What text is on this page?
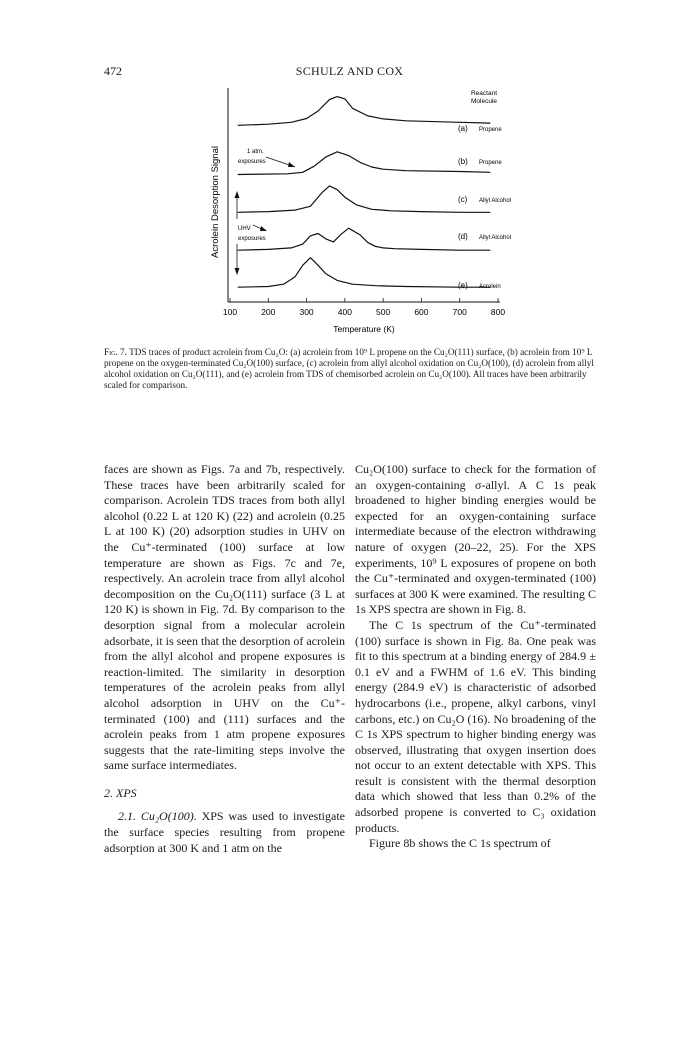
472	SCHULZ AND COX
Acrolein Desorption Signal
Reactant
Molecule
(a) Propene
(b) Propene
(c) Allyl Alcohol
(d) Allyl Alcohol
(e) Acrolein
1 atm.
exposures
UHV
exposures
100	200	300	400	500	600	700	800
Temperature (K)
Fig. 7. TDS traces of product acrolein from Cu₂O: (a) acrolein from 10⁹ L propene on the Cu₂O(111) surface, (b) acrolein from 10⁹ L propene on the oxygen-terminated Cu₂O(100) surface, (c) acrolein from allyl alcohol oxidation on Cu₂O(100), (d) acrolein from allyl alcohol oxidation on Cu₂O(111), and (e) acrolein from TDS of chemisorbed acrolein on Cu₂O(100). All traces have been arbitrarily scaled for comparison.

faces are shown as Figs. 7a and 7b, respectively. These traces have been arbitrarily scaled for comparison. Acrolein TDS traces from both allyl alcohol (0.22 L at 120 K) (22) and acrolein (0.25 L at 100 K) (20) adsorption studies in UHV on the Cu⁺-terminated (100) surface at low temperature are shown as Figs. 7c and 7e, respectively. An acrolein trace from allyl alcohol decomposition on the Cu₂O(111) surface (3 L at 120 K) is shown in Fig. 7d. By comparison to the desorption signal from a molecular acrolein adsorbate, it is seen that the desorption of acrolein from the allyl alcohol and propene exposures is reaction-limited. The similarity in desorption temperatures of the acrolein peaks from allyl alcohol adsorption in UHV on the Cu⁺-terminated (100) and (111) surfaces and the acrolein peaks from 1 atm propene exposures suggests that the rate-limiting steps involve the same surface intermediates.

2. XPS

2.1. Cu₂O(100). XPS was used to investigate the surface species resulting from propene adsorption at 300 K and 1 atm on the

Cu₂O(100) surface to check for the formation of an oxygen-containing σ-allyl. A C 1s peak broadened to higher binding energies would be expected for an oxygen-containing surface intermediate because of the electron withdrawing nature of oxygen (20–22, 25). For the XPS experiments, 10⁹ L exposures of propene on both the Cu⁺-terminated and oxygen-terminated (100) surfaces at 300 K were examined. The resulting C 1s XPS spectra are shown in Fig. 8.

The C 1s spectrum of the Cu⁺-terminated (100) surface is shown in Fig. 8a. One peak was fit to this spectrum at a binding energy of 284.9 ± 0.1 eV and a FWHM of 1.6 eV. This binding energy (284.9 eV) is characteristic of adsorbed hydrocarbons (i.e., propene, alkyl carbons, vinyl carbons, etc.) on Cu₂O (16). No broadening of the C 1s XPS spectrum to higher binding energy was observed, illustrating that oxygen insertion does not occur to an extent detectable with XPS. This result is consistent with the thermal desorption data which showed that less than 0.2% of the adsorbed propene is converted to C₃ oxidation products.

Figure 8b shows the C 1s spectrum of
